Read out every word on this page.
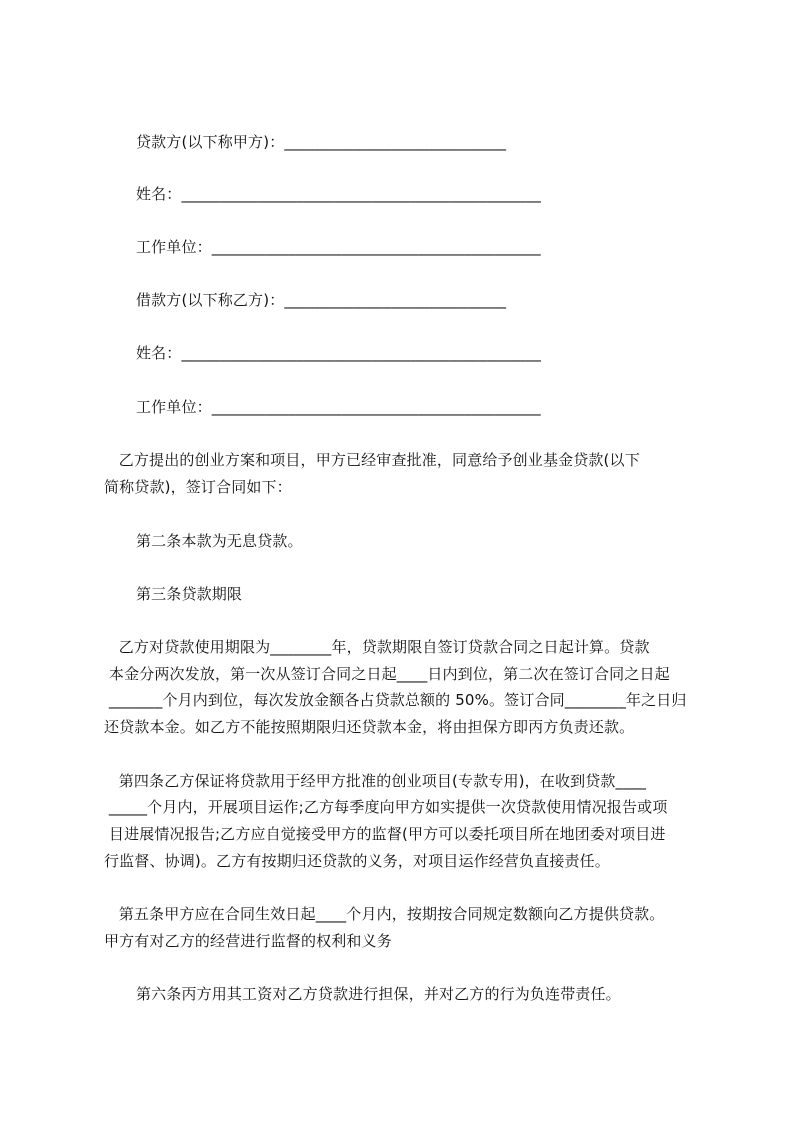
贷款方(以下称甲方)：_____________________________
姓名：_______________________________________________
工作单位：___________________________________________
借款方(以下称乙方)：_____________________________
姓名：_______________________________________________
工作单位：___________________________________________
乙方提出的创业方案和项目，甲方已经审查批准，同意给予创业基金贷款(以下
简称贷款)，签订合同如下：
第二条本款为无息贷款。
第三条贷款期限
乙方对贷款使用期限为________年，贷款期限自签订贷款合同之日起计算。贷款
本金分两次发放，第一次从签订合同之日起____日内到位，第二次在签订合同之日起
_______个月内到位，每次发放金额各占贷款总额的 50%。签订合同________年之日归
还贷款本金。如乙方不能按照期限归还贷款本金，将由担保方即丙方负责还款。
第四条乙方保证将贷款用于经甲方批准的创业项目(专款专用)，在收到贷款____
_____个月内，开展项目运作;乙方每季度向甲方如实提供一次贷款使用情况报告或项
目进展情况报告;乙方应自觉接受甲方的监督(甲方可以委托项目所在地团委对项目进
行监督、协调)。乙方有按期归还贷款的义务，对项目运作经营负直接责任。
第五条甲方应在合同生效日起____个月内，按期按合同规定数额向乙方提供贷款。
甲方有对乙方的经营进行监督的权利和义务
第六条丙方用其工资对乙方贷款进行担保，并对乙方的行为负连带责任。
